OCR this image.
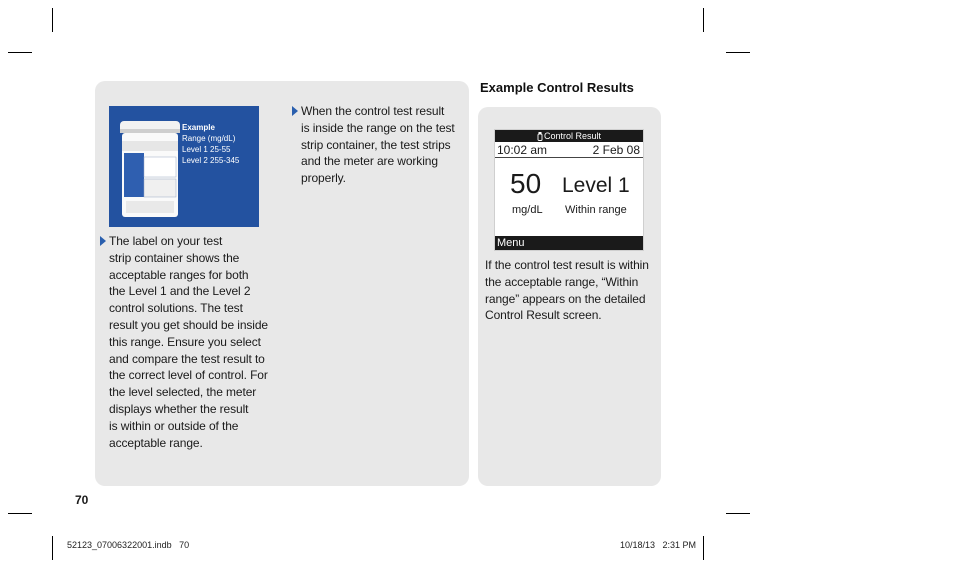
Example
Range (mg/dL)
Level 1 25-55
Level 2 255-345
The label on your test
strip container shows the
acceptable ranges for both
the Level 1 and the Level 2
control solutions. The test
result you get should be inside
this range. Ensure you select
and compare the test result to
the correct level of control. For
the level selected, the meter
displays whether the result
is within or outside of the
acceptable range.
When the control test result
is inside the range on the test
strip container, the test strips
and the meter are working
properly.
Example Control Results
Control Result
10:02 am	2 Feb 08
50
mg/dL
Level 1
Within range
Menu
If the control test result is within
the acceptable range, “Within
range” appears on the detailed
Control Result screen.
70
52123_07006322001.indb   70	10/18/13   2:31 PM
